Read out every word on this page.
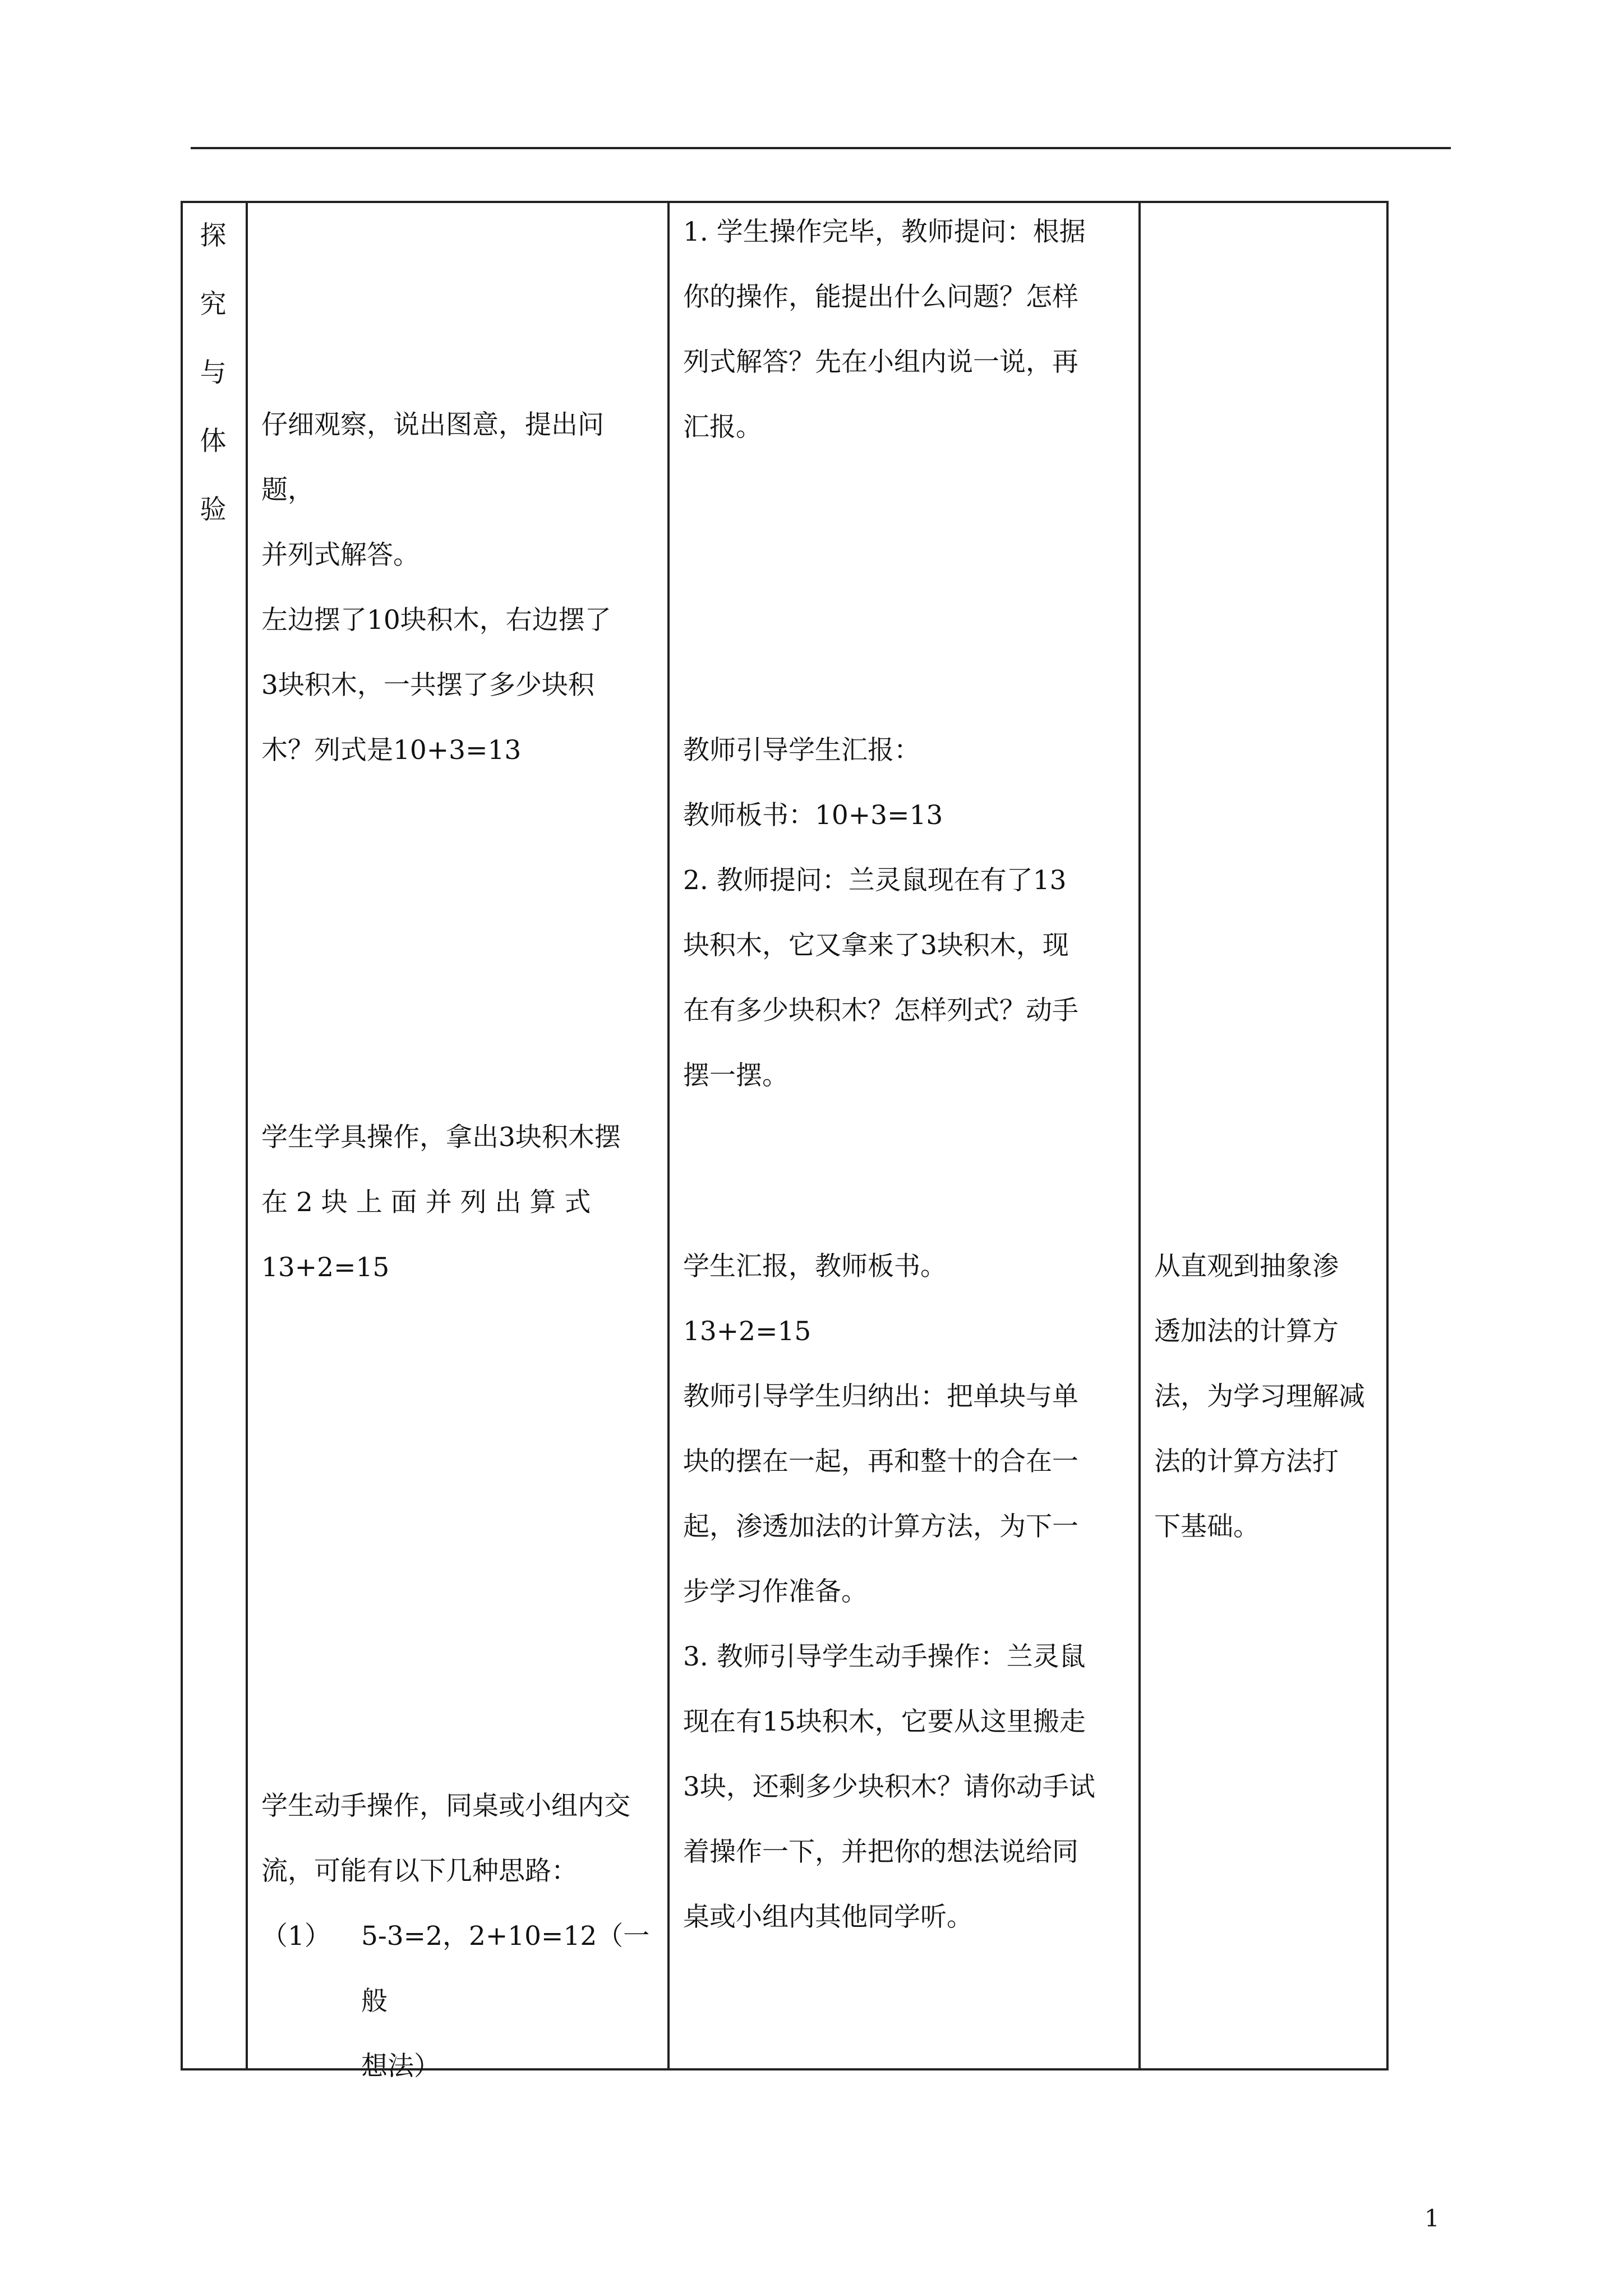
探
究
与
体
验
仔细观察，说出图意，提出问题，
并列式解答。
左边摆了10块积木，右边摆了
3块积木，一共摆了多少块积
木？列式是10+3=13
学生学具操作，拿出3块积木摆
在 2 块 上 面 并 列 出 算 式
13+2=15
学生动手操作，同桌或小组内交
流，可能有以下几种思路：
（1） 5-3=2，2+10=12（一般
想法）
1. 学生操作完毕，教师提问：根据
你的操作，能提出什么问题？怎样
列式解答？先在小组内说一说，再
汇报。
教师引导学生汇报：
教师板书：10+3=13
2. 教师提问：兰灵鼠现在有了13
块积木，它又拿来了3块积木，现
在有多少块积木？怎样列式？动手
摆一摆。
学生汇报，教师板书。
13+2=15
教师引导学生归纳出：把单块与单
块的摆在一起，再和整十的合在一
起，渗透加法的计算方法，为下一
步学习作准备。
3. 教师引导学生动手操作：兰灵鼠
现在有15块积木，它要从这里搬走
3块，还剩多少块积木？请你动手试
着操作一下，并把你的想法说给同
桌或小组内其他同学听。
从直观到抽象渗
透加法的计算方
法，为学习理解减
法的计算方法打
下基础。
1
